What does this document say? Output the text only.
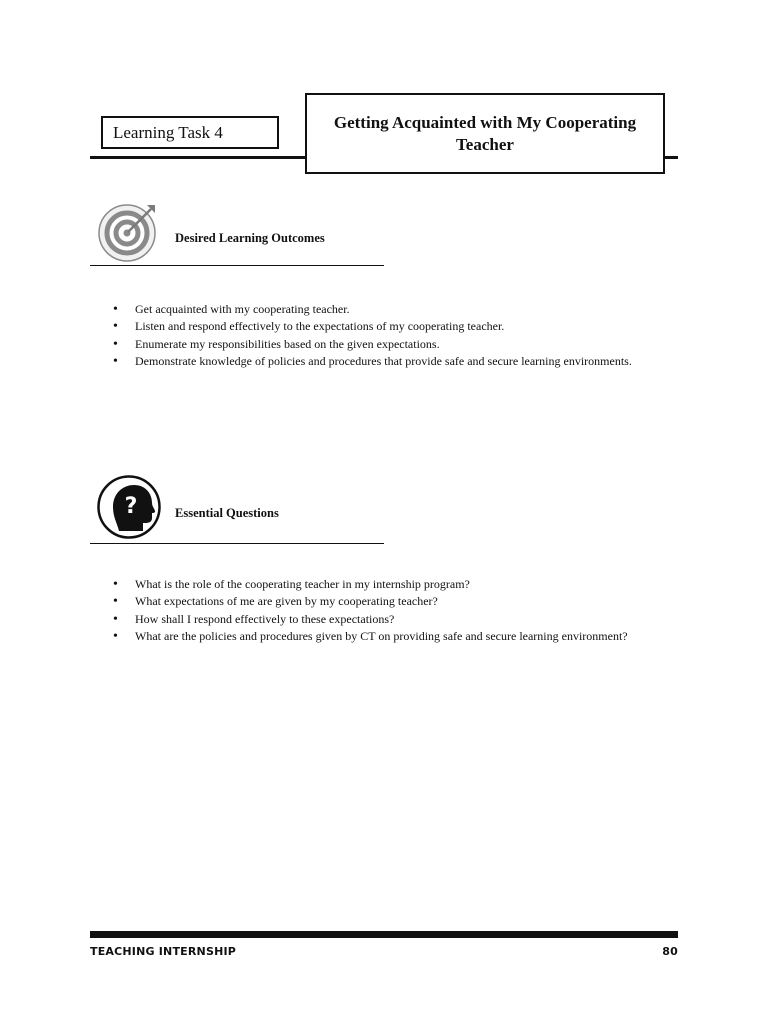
Learning Task 4
Getting Acquainted with My Cooperating
Teacher
Desired Learning Outcomes
• Get acquainted with my cooperating teacher.
• Listen and respond effectively to the expectations of my cooperating teacher.
• Enumerate my responsibilities based on the given expectations.
• Demonstrate knowledge of policies and procedures that provide safe and secure learning environments.
?	Essential Questions
• What is the role of the cooperating teacher in my internship program?
• What expectations of me are given by my cooperating teacher?
• How shall I respond effectively to these expectations?
• What are the policies and procedures given by CT on providing safe and secure learning environment?
TEACHING INTERNSHIP	80
